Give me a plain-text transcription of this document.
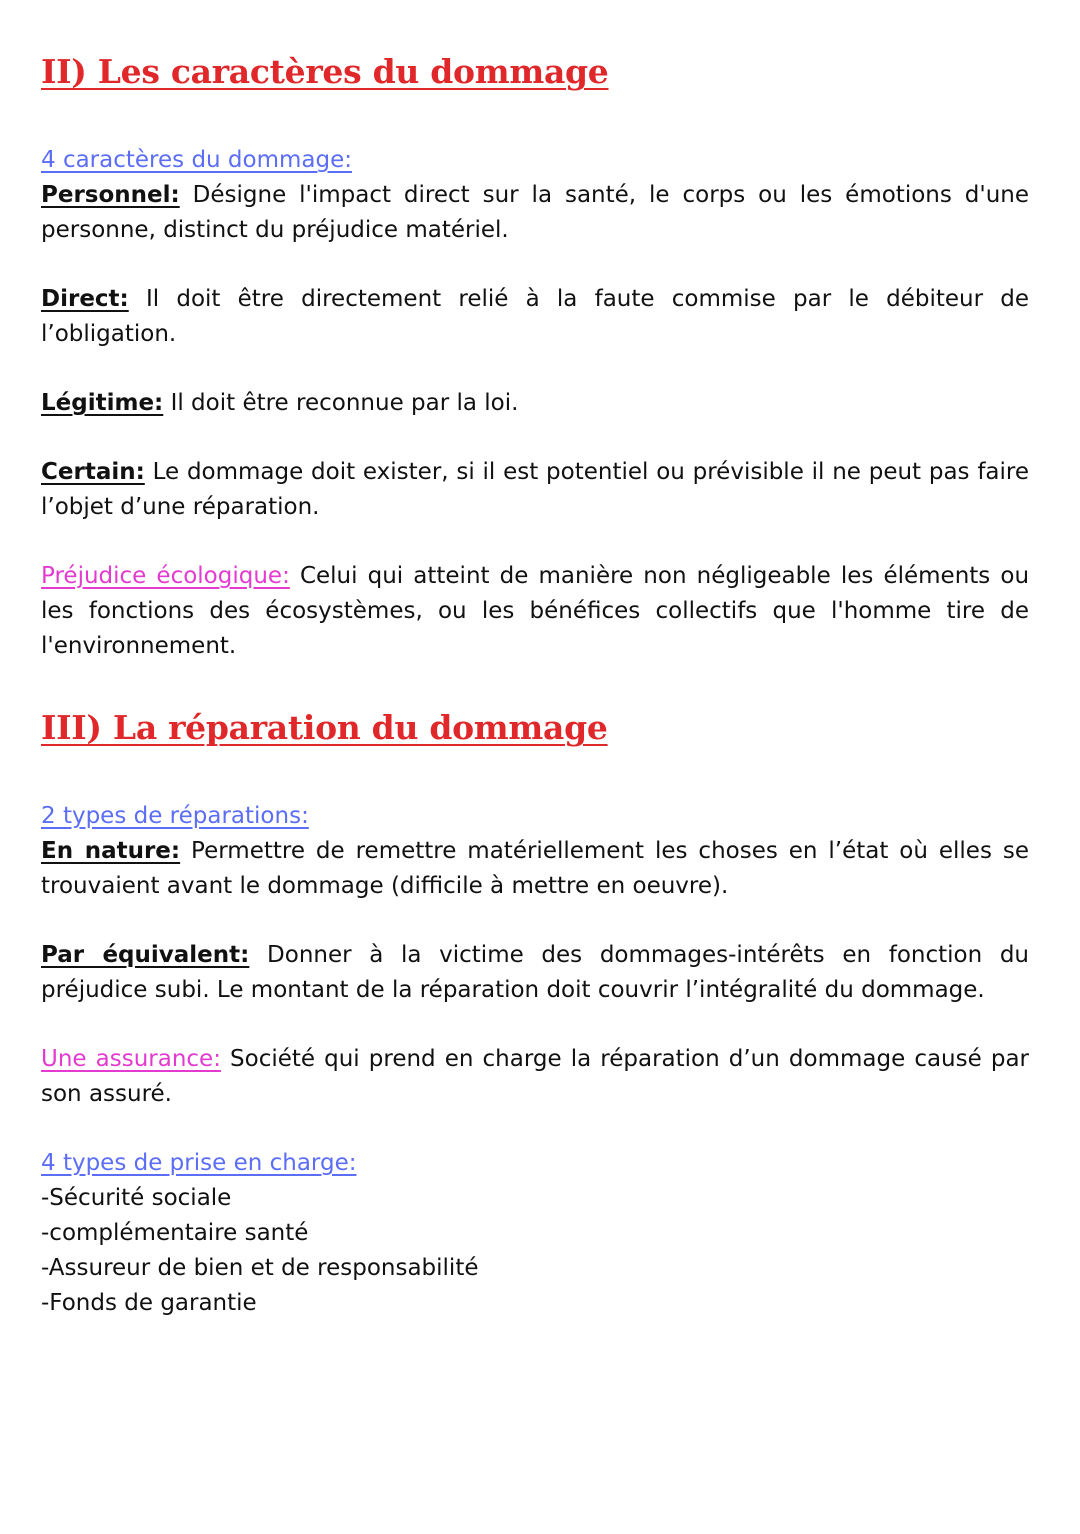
II) Les caractères du dommage

4 caractères du dommage:

Personnel: Désigne l'impact direct sur la santé, le corps ou les émotions d'une personne, distinct du préjudice matériel.

Direct: Il doit être directement relié à la faute commise par le débiteur de l’obligation.

Légitime: Il doit être reconnue par la loi.

Certain: Le dommage doit exister, si il est potentiel ou prévisible il ne peut pas faire l’objet d’une réparation.

Préjudice écologique: Celui qui atteint de manière non négligeable les éléments ou les fonctions des écosystèmes, ou les bénéfices collectifs que l'homme tire de l'environnement.

III) La réparation du dommage

2 types de réparations:

En nature: Permettre de remettre matériellement les choses en l’état où elles se trouvaient avant le dommage (difficile à mettre en oeuvre).

Par équivalent: Donner à la victime des dommages-intérêts en fonction du préjudice subi. Le montant de la réparation doit couvrir l’intégralité du dommage.

Une assurance: Société qui prend en charge la réparation d’un dommage causé par son assuré.

4 types de prise en charge:

-Sécurité sociale
-complémentaire santé
-Assureur de bien et de responsabilité
-Fonds de garantie
